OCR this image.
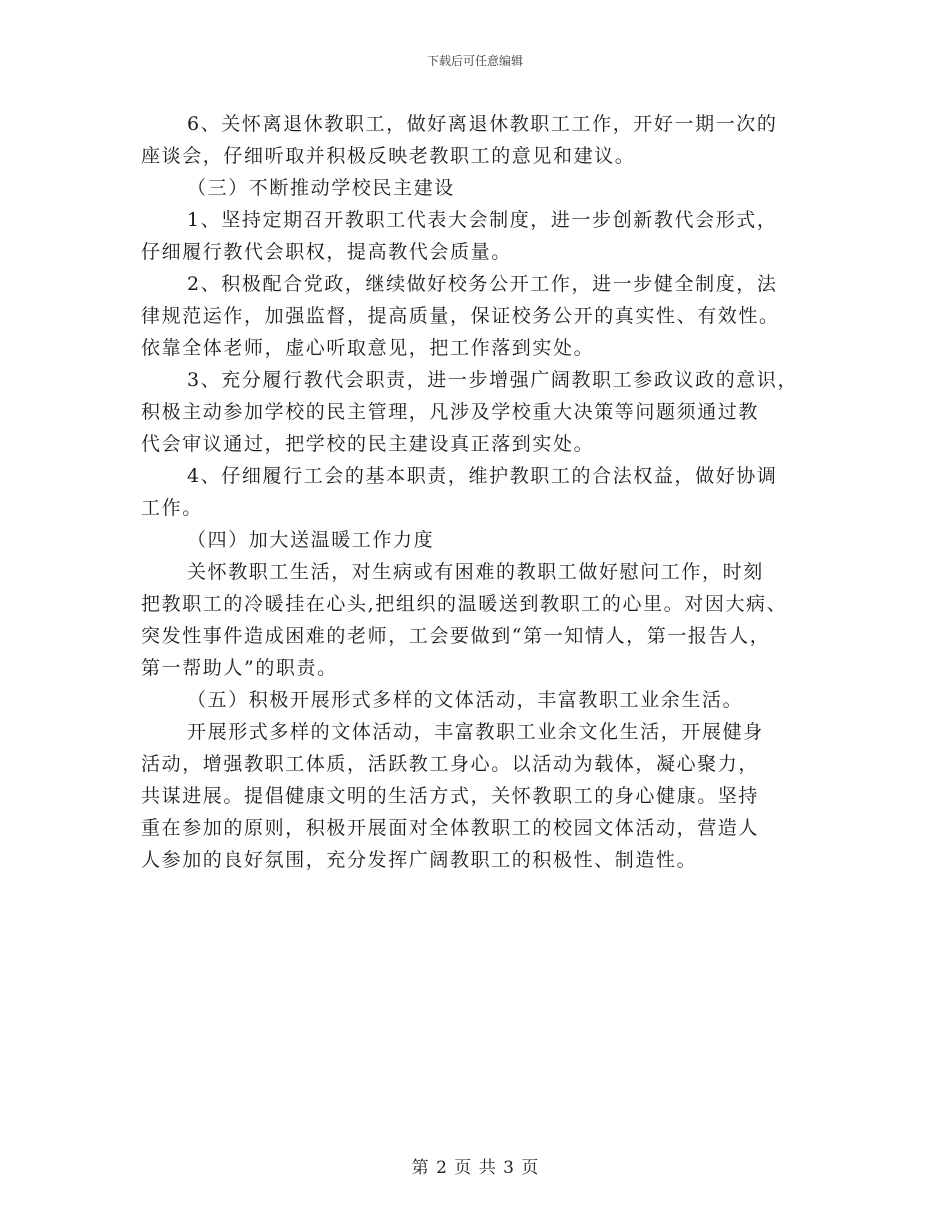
下载后可任意编辑
6、关怀离退休教职工，做好离退休教职工工作，开好一期一次的
座谈会，仔细听取并积极反映老教职工的意见和建议。
（三）不断推动学校民主建设
1、坚持定期召开教职工代表大会制度，进一步创新教代会形式，
仔细履行教代会职权，提高教代会质量。
2、积极配合党政，继续做好校务公开工作，进一步健全制度，法
律规范运作，加强监督，提高质量，保证校务公开的真实性、有效性。
依靠全体老师，虚心听取意见，把工作落到实处。
3、充分履行教代会职责，进一步增强广阔教职工参政议政的意识，
积极主动参加学校的民主管理，凡涉及学校重大决策等问题须通过教
代会审议通过，把学校的民主建设真正落到实处。
4、仔细履行工会的基本职责，维护教职工的合法权益，做好协调
工作。
（四）加大送温暖工作力度
关怀教职工生活，对生病或有困难的教职工做好慰问工作，时刻
把教职工的冷暖挂在心头,把组织的温暖送到教职工的心里。对因大病、
突发性事件造成困难的老师，工会要做到“第一知情人，第一报告人，
第一帮助人”的职责。
（五）积极开展形式多样的文体活动，丰富教职工业余生活。
开展形式多样的文体活动，丰富教职工业余文化生活，开展健身
活动，增强教职工体质，活跃教工身心。以活动为载体，凝心聚力，
共谋进展。提倡健康文明的生活方式，关怀教职工的身心健康。坚持
重在参加的原则，积极开展面对全体教职工的校园文体活动，营造人
人参加的良好氛围，充分发挥广阔教职工的积极性、制造性。
第 2 页 共 3 页
